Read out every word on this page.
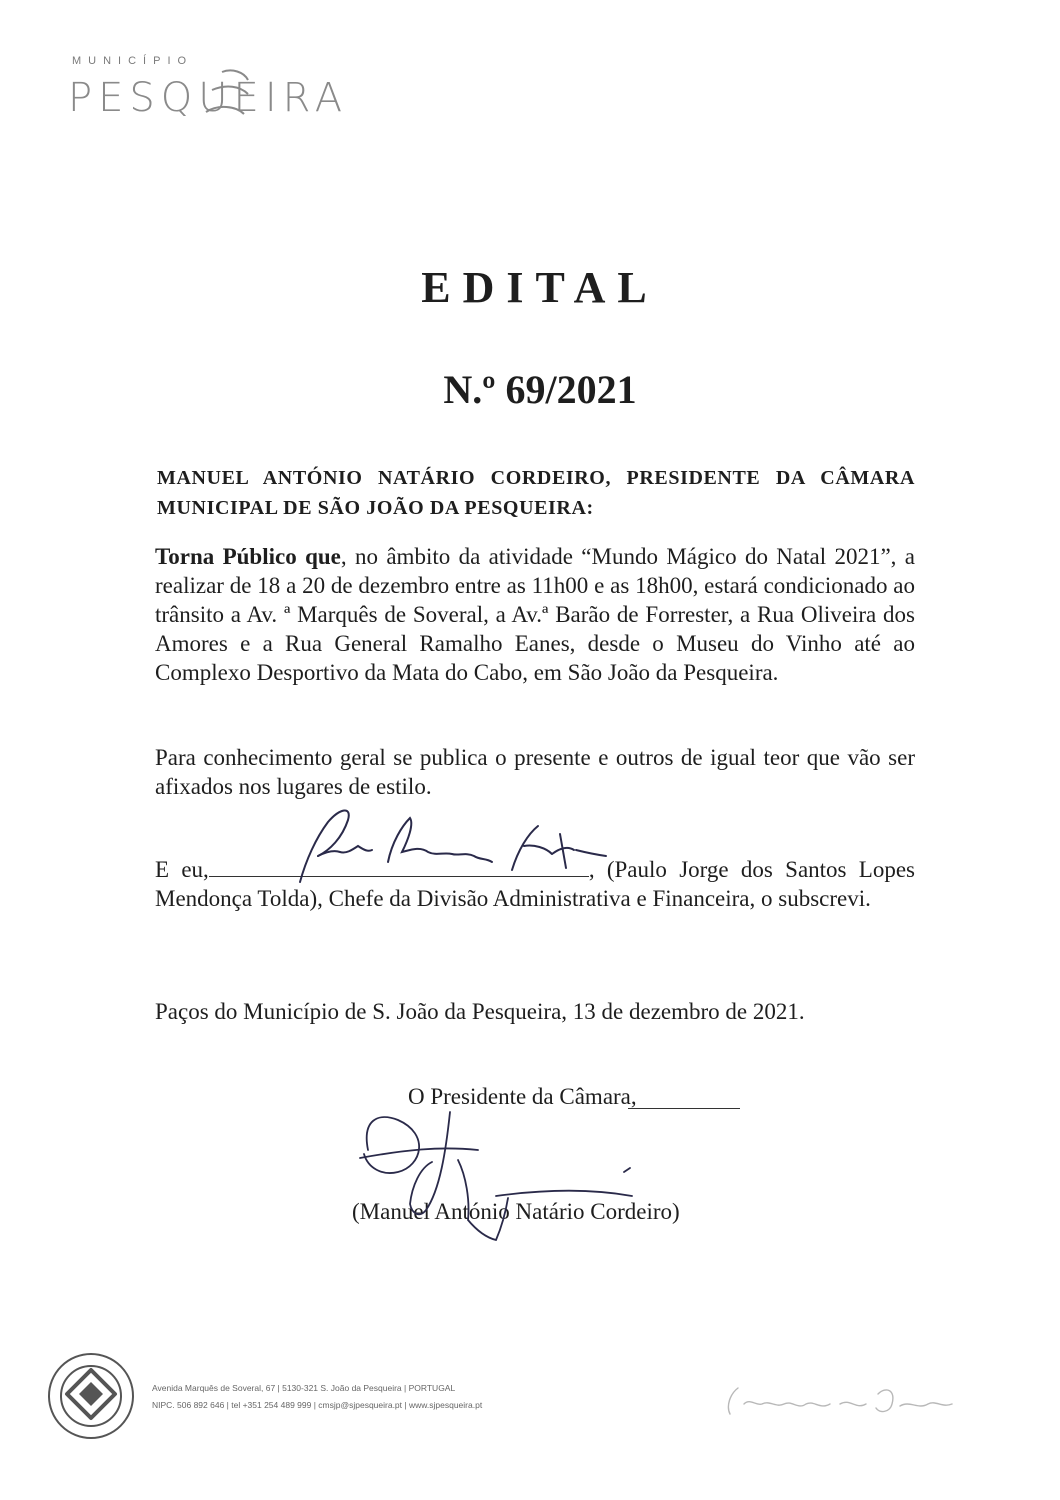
MUNICÍPIO
PESQUEIRA
EDITAL
N.º 69/2021
MANUEL ANTÓNIO NATÁRIO CORDEIRO, PRESIDENTE DA CÂMARA MUNICIPAL DE SÃO JOÃO DA PESQUEIRA:
Torna Público que, no âmbito da atividade “Mundo Mágico do Natal 2021”, a realizar de 18 a 20 de dezembro entre as 11h00 e as 18h00, estará condicionado ao trânsito a Av. ª Marquês de Soveral, a Av.ª Barão de Forrester, a Rua Oliveira dos Amores e a Rua General Ramalho Eanes, desde o Museu do Vinho até ao Complexo Desportivo da Mata do Cabo, em São João da Pesqueira.
Para conhecimento geral se publica o presente e outros de igual teor que vão ser afixados nos lugares de estilo.
E eu,	, (Paulo Jorge dos Santos Lopes Mendonça Tolda), Chefe da Divisão Administrativa e Financeira, o subscrevi.
Paços do Município de S. João da Pesqueira, 13 de dezembro de 2021.
O Presidente da Câmara,
(Manuel António Natário Cordeiro)
Avenida Marquês de Soveral, 67 | 5130-321 S. João da Pesqueira | PORTUGAL
NIPC. 506 892 646 | tel +351 254 489 999 | cmsjp@sjpesqueira.pt | www.sjpesqueira.pt
